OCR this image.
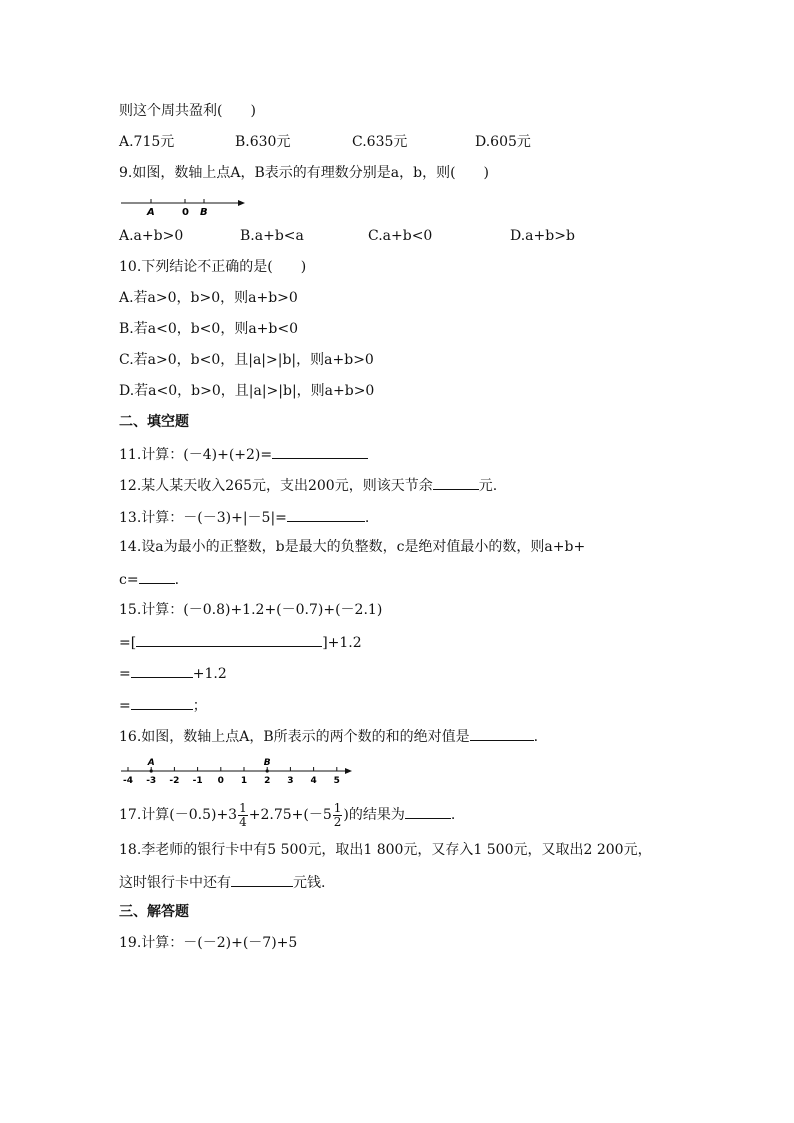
则这个周共盈利(　　)
A.715元	B.630元	C.635元	D.605元
9.如图，数轴上点A，B表示的有理数分别是a，b，则(　　)
A	0 B
A.a+b>0	B.a+b<a	C.a+b<0	D.a+b>b
10.下列结论不正确的是(　　)
A.若a>0，b>0，则a+b>0
B.若a<0，b<0，则a+b<0
C.若a>0，b<0，且|a|>|b|，则a+b>0
D.若a<0，b>0，且|a|>|b|，则a+b>0
二、填空题
11.计算：(－4)+(+2)=
12.某人某天收入265元，支出200元，则该天节余	元.
13.计算：－(－3)+|－5|=	.
14.设a为最小的正整数，b是最大的负整数，c是绝对值最小的数，则a+b+
c=	.
15.计算：(－0.8)+1.2+(－0.7)+(－2.1)
=[	]+1.2
=	+1.2
=	；
16.如图，数轴上点A，B所表示的两个数的和的绝对值是	.
-4 -3 -2 -1 0 1 2 3 4 5
A	B
17.计算$(-0.5)+3 \frac{1}{4} +2.75+(-5 \frac{1}{2}$ )的结果为	.
18.李老师的银行卡中有5 500元，取出1 800元，又存入1 500元，又取出2 200元，
这时银行卡中还有	元钱.
三、解答题
19.计算：－(－2)+(－7)+5
